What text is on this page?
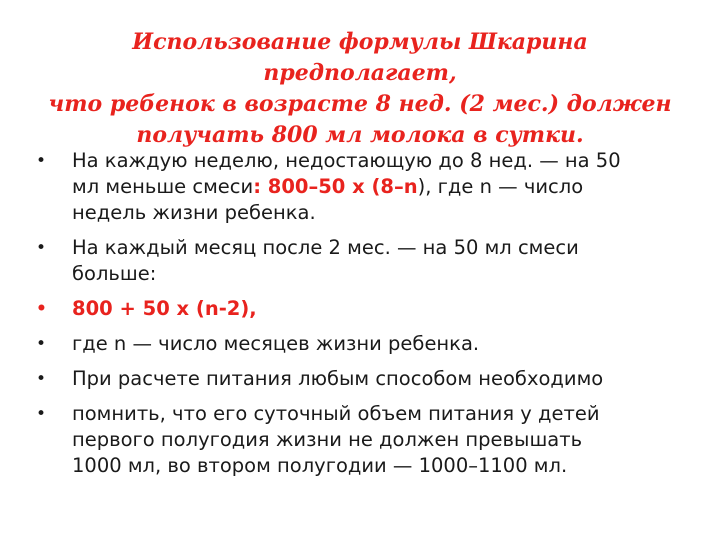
Использование формулы Шкарина предполагает,
что ребенок в возрасте 8 нед. (2 мес.) должен
получать 800 мл молока в сутки.
• На каждую неделю, недостающую до 8 нед. — на 50
мл меньше смеси: 800–50 х (8–n), где n — число
недель жизни ребенка.
• На каждый месяц после 2 мес. — на 50 мл смеси
больше:
• 800 + 50 х (n-2),
• где n — число месяцев жизни ребенка.
• При расчете питания любым способом необходимо
• помнить, что его суточный объем питания у детей
первого полугодия жизни не должен превышать
1000 мл, во втором полугодии — 1000–1100 мл.
